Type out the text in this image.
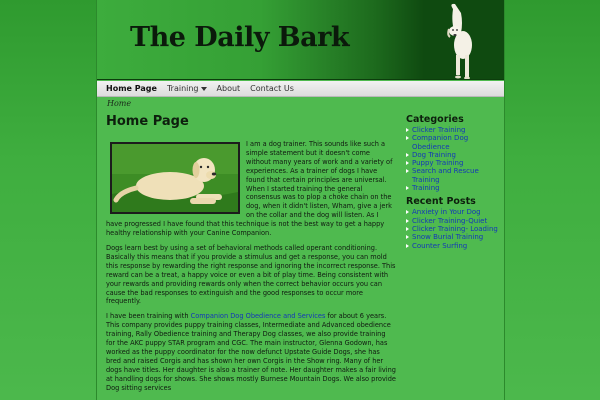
The Daily Bark
Home Page Training About Contact Us
Home
Home Page

I am a dog trainer. This sounds like such a simple statement but it doesn't come without many years of work and a variety of experiences. As a trainer of dogs I have found that certain principles are universal. When I started training the general consensus was to plop a choke chain on the dog, when it didn't listen, Wham, give a jerk on the collar and the dog will listen. As I have progressed I have found that this technique is not the best way to get a happy healthy relationship with your Canine Companion.

Dogs learn best by using a set of behavioral methods called operant conditioning. Basically this means that if you provide a stimulus and get a response, you can mold this response by rewarding the right response and ignoring the incorrect response. This reward can be a treat, a happy voice or even a bit of play time. Being consistent with your rewards and providing rewards only when the correct behavior occurs you can cause the bad responses to extinguish and the good responses to occur more frequently.

I have been training with Companion Dog Obedience and Services for about 6 years. This company provides puppy training classes, Intermediate and Advanced obedience training, Rally Obedience training and Therapy Dog classes, we also provide training for the AKC puppy STAR program and CGC. The main instructor, Glenna Godown, has worked as the puppy coordinator for the now defunct Upstate Guide Dogs, she has bred and raised Corgis and has shown her own Corgis in the Show ring. Many of her dogs have titles. Her daughter is also a trainer of note. Her daughter makes a fair living at handling dogs for shows. She shows mostly Burnese Mountain Dogs. We also provide Dog sitting services

Categories
Clicker Training
Companion Dog Obedience
Dog Training
Puppy Training
Search and Rescue Training
Training
Recent Posts
Anxiety in Your Dog
Clicker Training-Quiet
Clicker Training- Loading
Snow Burial Training
Counter Surfing
